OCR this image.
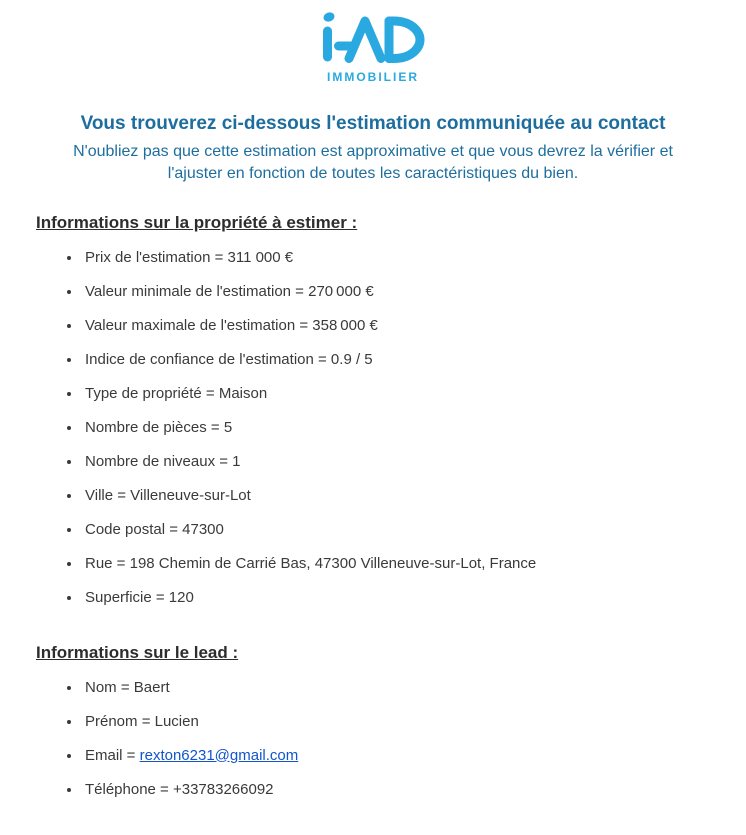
IMMOBILIER
Vous trouverez ci-dessous l'estimation communiquée au contact

N'oubliez pas que cette estimation est approximative et que vous devrez la vérifier et l'ajuster en fonction de toutes les caractéristiques du bien.

Informations sur la propriété à estimer :
• Prix de l'estimation = 311 000 €
• Valeur minimale de l'estimation = 270 000 €
• Valeur maximale de l'estimation = 358 000 €
• Indice de confiance de l'estimation = 0.9 / 5
• Type de propriété = Maison
• Nombre de pièces = 5
• Nombre de niveaux = 1
• Ville = Villeneuve-sur-Lot
• Code postal = 47300
• Rue = 198 Chemin de Carrié Bas, 47300 Villeneuve-sur-Lot, France
• Superficie = 120
Informations sur le lead :
• Nom = Baert
• Prénom = Lucien
• Email = rexton6231@gmail.com
• Téléphone = +33783266092
